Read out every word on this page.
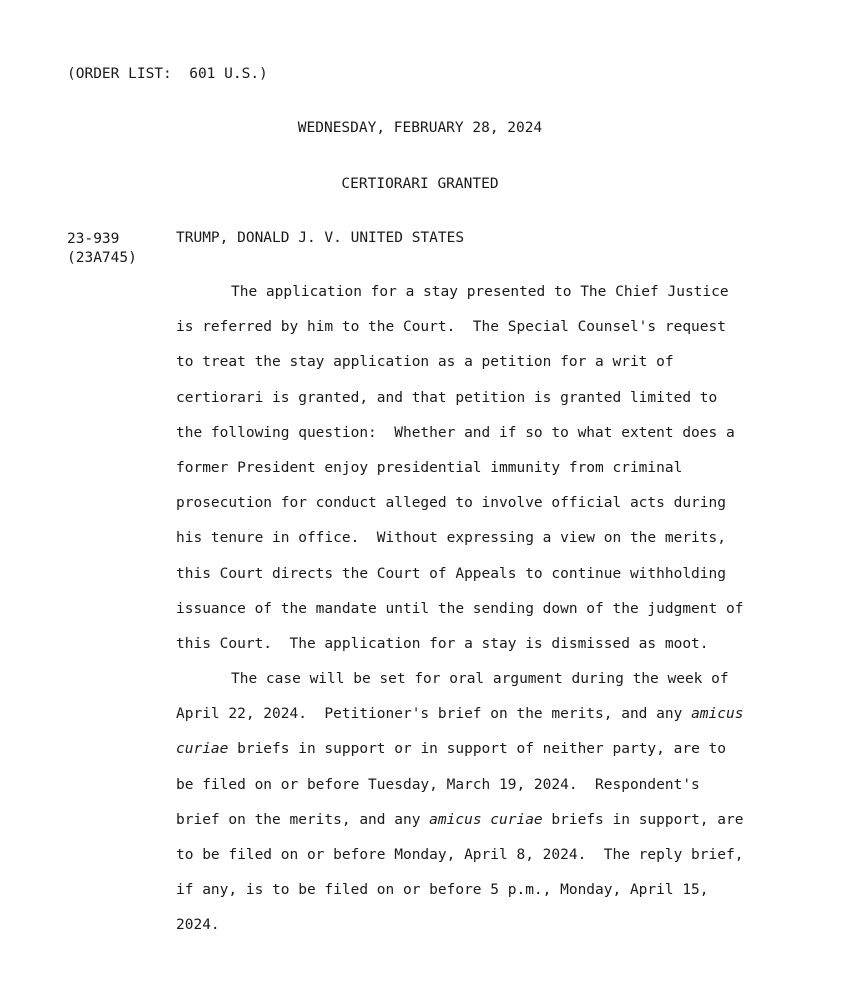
(ORDER LIST:  601 U.S.)
WEDNESDAY, FEBRUARY 28, 2024
CERTIORARI GRANTED
23-939
(23A745)
TRUMP, DONALD J. V. UNITED STATES
The application for a stay presented to The Chief Justice
is referred by him to the Court.  The Special Counsel's request
to treat the stay application as a petition for a writ of
certiorari is granted, and that petition is granted limited to
the following question:  Whether and if so to what extent does a
former President enjoy presidential immunity from criminal
prosecution for conduct alleged to involve official acts during
his tenure in office.  Without expressing a view on the merits,
this Court directs the Court of Appeals to continue withholding
issuance of the mandate until the sending down of the judgment of
this Court.  The application for a stay is dismissed as moot.
The case will be set for oral argument during the week of
April 22, 2024.  Petitioner's brief on the merits, and any amicus
curiae briefs in support or in support of neither party, are to
be filed on or before Tuesday, March 19, 2024.  Respondent's
brief on the merits, and any amicus curiae briefs in support, are
to be filed on or before Monday, April 8, 2024.  The reply brief,
if any, is to be filed on or before 5 p.m., Monday, April 15,
2024.
